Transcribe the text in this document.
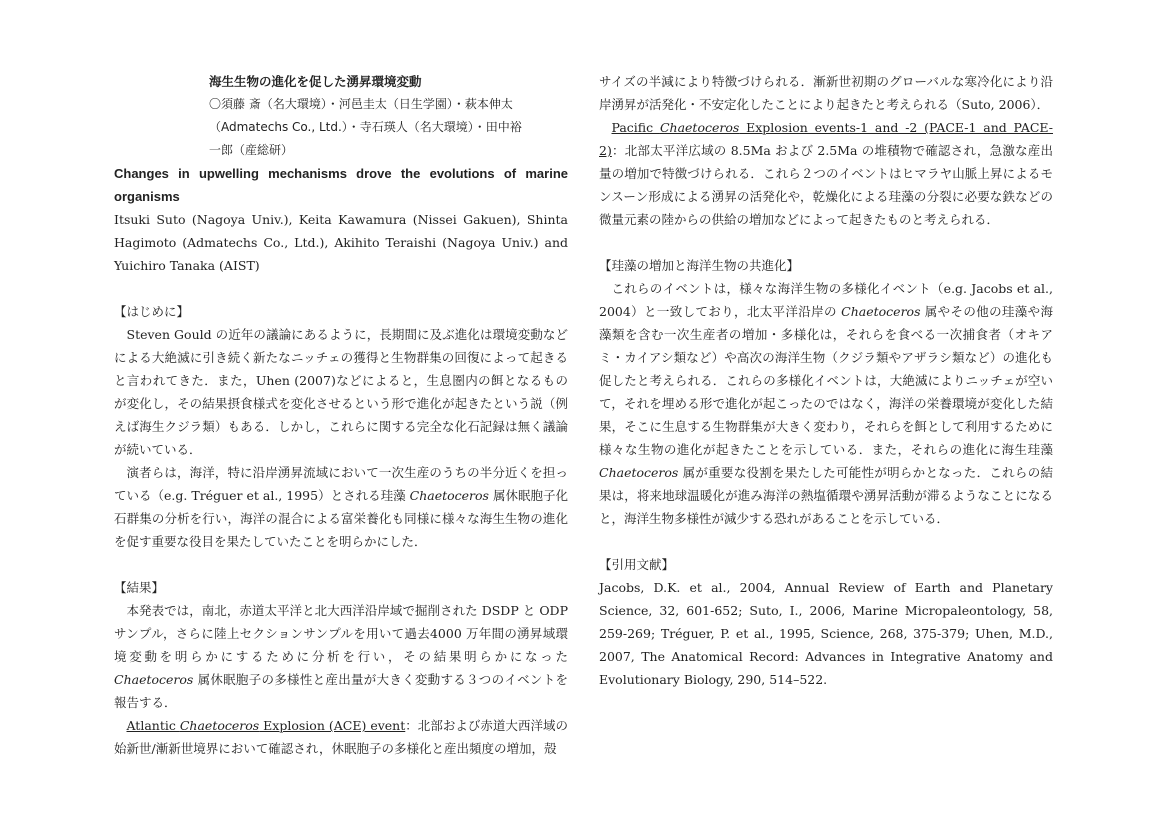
海生生物の進化を促した湧昇環境変動

〇須藤 斎（名大環境）・河邑圭太（日生学園）・萩本伸太

（Admatechs Co., Ltd.）・寺石瑛人（名大環境）・田中裕

一郎（産総研）

Changes in upwelling mechanisms drove the evolutions of marine organisms

Itsuki Suto (Nagoya Univ.), Keita Kawamura (Nissei Gakuen), Shinta Hagimoto (Admatechs Co., Ltd.), Akihito Teraishi (Nagoya Univ.) and Yuichiro Tanaka (AIST)

【はじめに】

Steven Gould の近年の議論にあるように，長期間に及ぶ進化は環境変動などによる大絶滅に引き続く新たなニッチェの獲得と生物群集の回復によって起きると言われてきた．また，Uhen (2007)などによると，生息圏内の餌となるものが変化し，その結果摂食様式を変化させるという形で進化が起きたという説（例えば海生クジラ類）もある．しかし，これらに関する完全な化石記録は無く議論が続いている．

演者らは，海洋，特に沿岸湧昇流域において一次生産のうちの半分近くを担っている（e.g. Tréguer et al., 1995）とされる珪藻 Chaetoceros 属休眠胞子化石群集の分析を行い，海洋の混合による富栄養化も同様に様々な海生生物の進化を促す重要な役目を果たしていたことを明らかにした．

【結果】

本発表では，南北，赤道太平洋と北大西洋沿岸域で掘削された DSDP と ODP サンプル，さらに陸上セクションサンプルを用いて過去4000 万年間の湧昇域環境変動を明らかにするために分析を行い，その結果明らかになった Chaetoceros 属休眠胞子の多様性と産出量が大きく変動する３つのイベントを報告する．

Atlantic Chaetoceros Explosion (ACE) event：北部および赤道大西洋域の始新世/漸新世境界において確認され，休眠胞子の多様化と産出頻度の増加，殻

サイズの半減により特徴づけられる．漸新世初期のグローバルな寒冷化により沿岸湧昇が活発化・不安定化したことにより起きたと考えられる（Suto, 2006）．

Pacific Chaetoceros Explosion events-1 and -2 (PACE-1 and PACE-2)：北部太平洋広域の 8.5Ma および 2.5Ma の堆積物で確認され，急激な産出量の増加で特徴づけられる．これら２つのイベントはヒマラヤ山脈上昇によるモンスーン形成による湧昇の活発化や，乾燥化による珪藻の分裂に必要な鉄などの微量元素の陸からの供給の増加などによって起きたものと考えられる．

【珪藻の増加と海洋生物の共進化】

これらのイベントは，様々な海洋生物の多様化イベント（e.g. Jacobs et al., 2004）と一致しており，北太平洋沿岸の Chaetoceros 属やその他の珪藻や海藻類を含む一次生産者の増加・多様化は，それらを食べる一次捕食者（オキアミ・カイアシ類など）や高次の海洋生物（クジラ類やアザラシ類など）の進化も促したと考えられる．これらの多様化イベントは，大絶滅によりニッチェが空いて，それを埋める形で進化が起こったのではなく，海洋の栄養環境が変化した結果，そこに生息する生物群集が大きく変わり，それらを餌として利用するために様々な生物の進化が起きたことを示している．また，それらの進化に海生珪藻 Chaetoceros 属が重要な役割を果たした可能性が明らかとなった．これらの結果は，将来地球温暖化が進み海洋の熱塩循環や湧昇活動が滞るようなことになると，海洋生物多様性が減少する恐れがあることを示している．

【引用文献】

Jacobs, D.K. et al., 2004, Annual Review of Earth and Planetary Science, 32, 601-652; Suto, I., 2006, Marine Micropaleontology, 58, 259-269; Tréguer, P. et al., 1995, Science, 268, 375-379; Uhen, M.D., 2007, The Anatomical Record: Advances in Integrative Anatomy and Evolutionary Biology, 290, 514–522.
